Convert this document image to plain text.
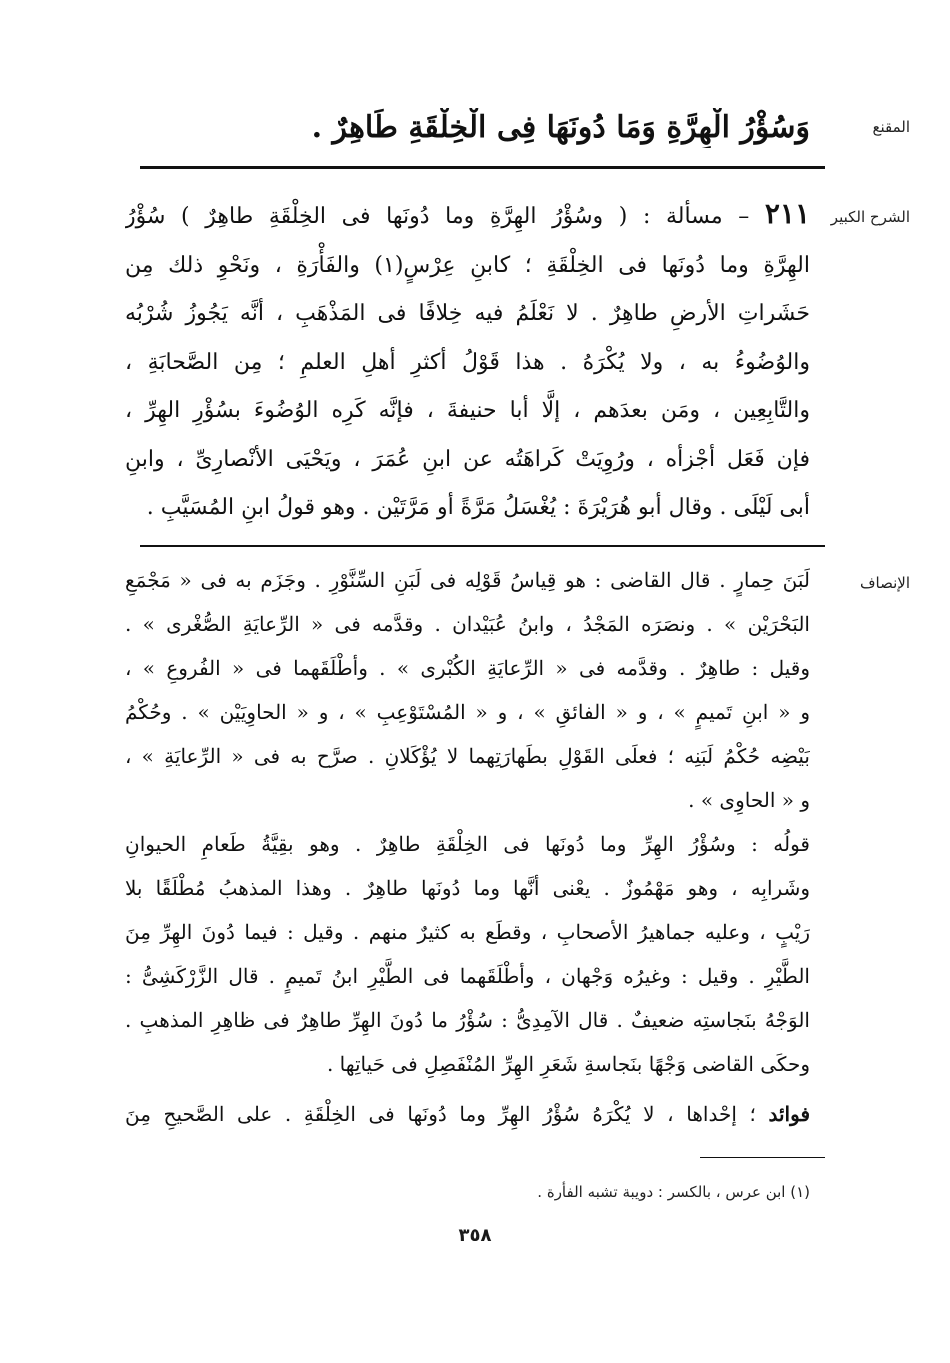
المقنع
وَسُؤْرُ الْهِرَّةِ وَمَا دُونَهَا فِى الْخِلْقَةِ طَاهِرٌ .
الشرح الكبير
٢١١ – مسألة : ( وسُؤْرُ الهِرَّةِ وما دُونَها فى الخِلْقَةِ طاهِرٌ ) سُؤْرُ
الهِرَّةِ وما دُونَها فى الخِلْقَةِ ؛ كابنِ عِرْسٍ(١) والفَأْرَةِ ، ونَحْوِ ذلك مِن
حَشَراتِ الأرضِ طاهِرٌ . لا نَعْلَمُ فيه خِلافًا فى المَذْهَبِ ، أنَّه يَجُوزُ شُرْبُه
والوُضُوءُ به ، ولا يُكْرَهُ . هذا قَوْلُ أكثرِ أهلِ العلمِ ؛ مِن الصَّحابَةِ ،
والتَّابِعِين ، ومَن بعدَهم ، إلَّا أبا حنيفةَ ، فإنَّه كَرِه الوُضُوءَ بسُؤْرِ الهِرِّ ،
فإن فَعَل أجْزأه ، ورُوِيَتْ كَراهَتُه عن ابنِ عُمَرَ ، ويَحْيَى الأنْصارِىِّ ، وابنِ
أبى لَيْلَى . وقال أبو هُرَيْرَةَ : يُغْسَلُ مَرَّةً أو مَرَّتَيْن . وهو قولُ ابنِ المُسَيَّبِ .
الإنصاف
لَبَنَ حِمارٍ . قال القاضى : هو قِياسُ قَوْلِه فى لَبَنِ السِّنَّوْرِ . وجَزَم به فى « مَجْمَعِ
البَحْرَيْن » . ونصَرَه المَجْدُ ، وابنُ عُبَيْدان . وقدَّمه فى « الرِّعايَةِ الصُّغْرى » .
وقيل : طاهِرٌ . وقدَّمه فى « الرِّعايَةِ الكُبْرى » . وأطْلَقَهما فى « الفُروعِ » ،
و « ابنِ تَميمٍ » ، و « الفائقِ » ، و « المُسْتَوْعِبِ » ، و « الحاوِيَيْن » . وحُكْمُ
بَيْضِه حُكْمُ لَبَنِه ؛ فعلَى القَوْلِ بطَهارَتِهما لا يُؤْكَلانِ . صرَّح به فى « الرِّعايَةِ » ،
و « الحاوِى » .
قولُه : وسُؤْرُ الهِرِّ وما دُونَها فى الخِلْقَةِ طاهِرٌ . وهو بقِيَّةُ طَعامِ الحيوانِ
وشَرابِه ، وهو مَهْمُوزٌ . يعْنى أنَّها وما دُونَها طاهِرٌ . وهذا المذهبُ مُطْلَقًا بلا
رَيْبٍ ، وعليه جماهيرُ الأصحابِ ، وقطَع به كثيرٌ منهم . وقيل : فيما دُونَ الهِرِّ مِنَ
الطَّيْرِ . وقيل : وغيرُه وَجْهان ، وأطْلَقَهما فى الطَّيْرِ ابنُ تَميمٍ . قال الزَّرْكَشِىُّ :
الوَجْهُ بنَجاستِه ضعيفٌ . قال الآمِدِىُّ : سُؤْرُ ما دُونَ الهِرِّ طاهِرٌ فى ظاهِرِ المذهبِ .
وحكَى القاضى وَجْهًا بنَجاسةِ شَعَرِ الهِرِّ المُنْفَصِلِ فى حَياتِها .
فوائد ؛ إحْداها ، لا يُكْرَهُ سُؤْرُ الهِرِّ وما دُونَها فى الخِلْقَةِ . على الصَّحيحِ مِنَ
(١) ابن عرس ، بالكسر : دويبة تشبه الفأرة .
٣٥٨
